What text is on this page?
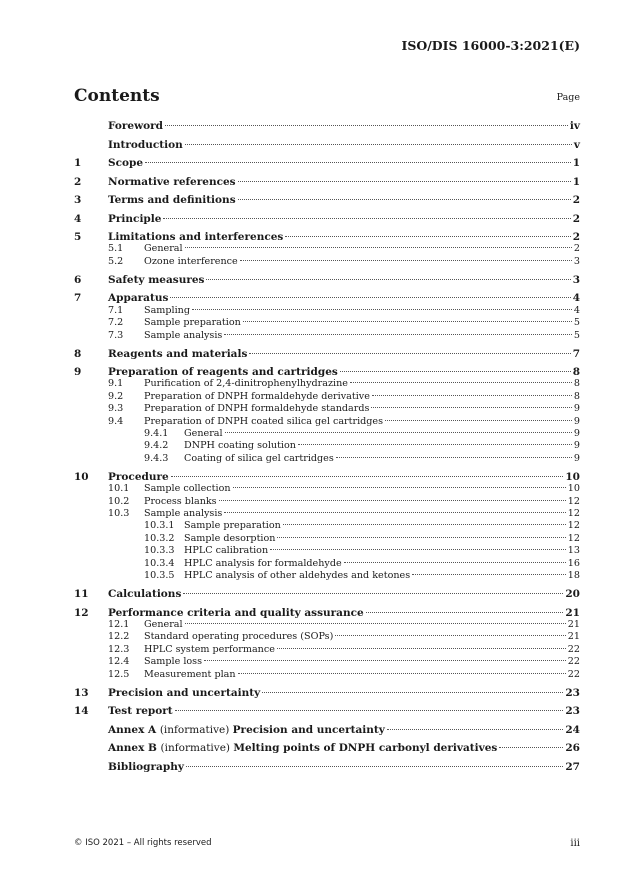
ISO/DIS 16000-3:2021(E)
Contents	Page
Foreword	iv
Introduction	v
1	Scope	1
2	Normative references	1
3	Terms and definitions	2
4	Principle	2
5	Limitations and interferences	2
5.1	General	2
5.2	Ozone interference	3
6	Safety measures	3
7	Apparatus	4
7.1	Sampling	4
7.2	Sample preparation	5
7.3	Sample analysis	5
8	Reagents and materials	7
9	Preparation of reagents and cartridges	8
9.1	Purification of 2,4-dinitrophenylhydrazine	8
9.2	Preparation of DNPH formaldehyde derivative	8
9.3	Preparation of DNPH formaldehyde standards	9
9.4	Preparation of DNPH coated silica gel cartridges	9
9.4.1	General	9
9.4.2	DNPH coating solution	9
9.4.3	Coating of silica gel cartridges	9
10	Procedure	10
10.1	Sample collection	10
10.2	Process blanks	12
10.3	Sample analysis	12
10.3.1 Sample preparation	12
10.3.2 Sample desorption	12
10.3.3 HPLC calibration	13
10.3.4 HPLC analysis for formaldehyde	16
10.3.5 HPLC analysis of other aldehydes and ketones	18
11	Calculations	20
12	Performance criteria and quality assurance	21
12.1	General	21
12.2	Standard operating procedures (SOPs)	21
12.3	HPLC system performance	22
12.4	Sample loss	22
12.5	Measurement plan	22
13	Precision and uncertainty	23
14	Test report	23
Annex A (informative) Precision and uncertainty	24
Annex B (informative) Melting points of DNPH carbonyl derivatives	26
Bibliography	27
© ISO 2021 – All rights reserved	iii
